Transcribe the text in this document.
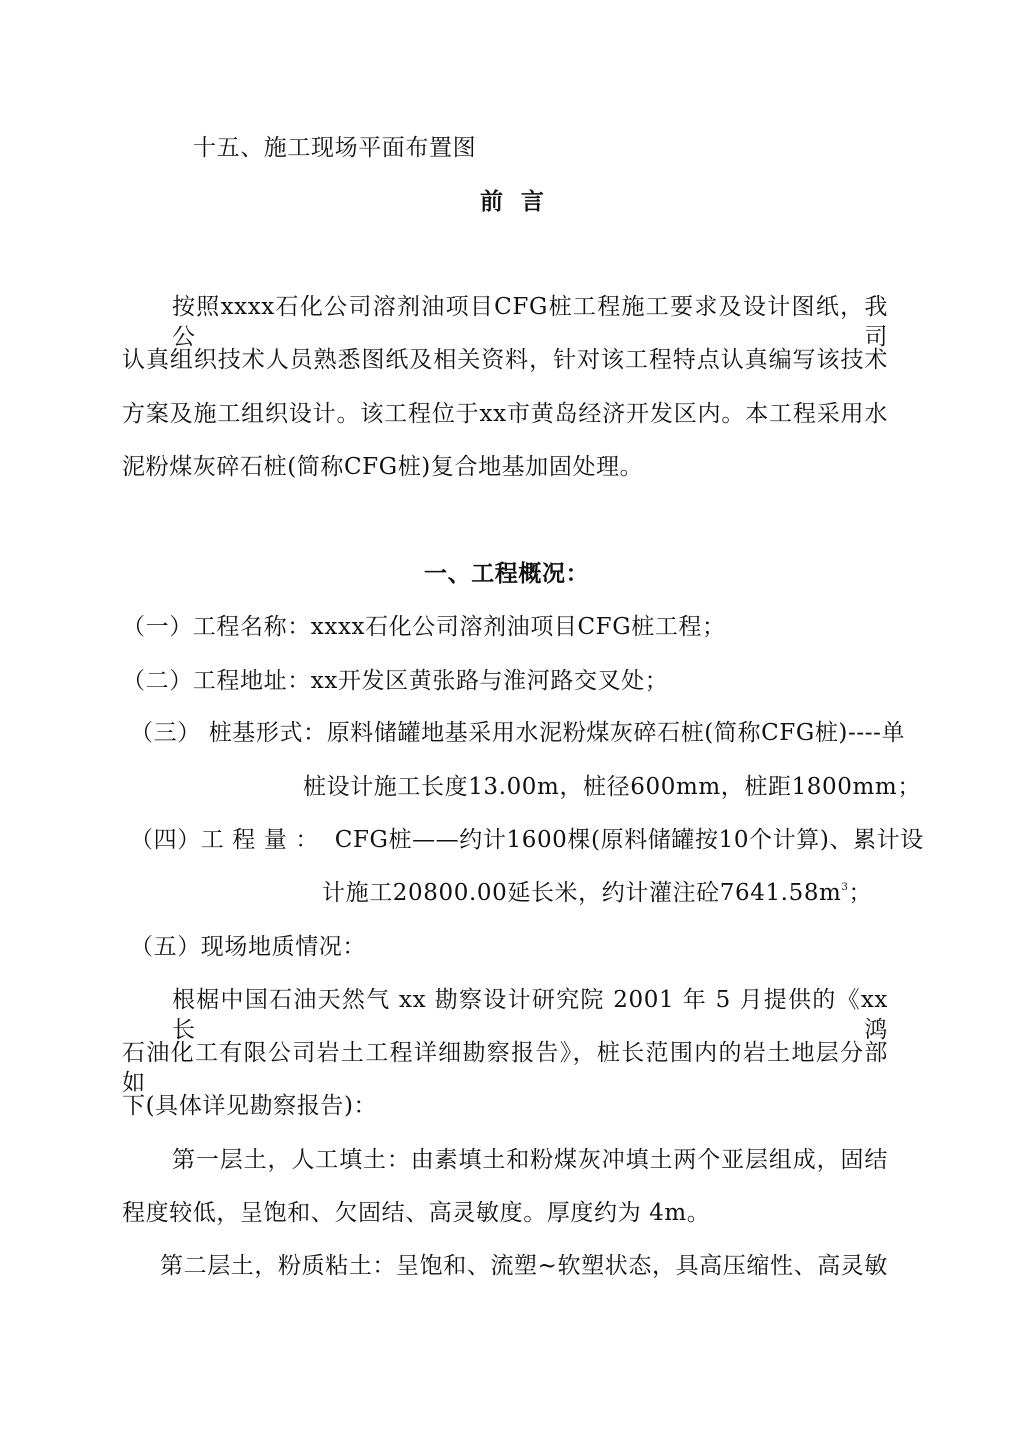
十五、施工现场平面布置图
前  言
按照xxxx石化公司溶剂油项目CFG桩工程施工要求及设计图纸，我公司
认真组织技术人员熟悉图纸及相关资料，针对该工程特点认真编写该技术
方案及施工组织设计。该工程位于xx市黄岛经济开发区内。本工程采用水
泥粉煤灰碎石桩(简称CFG桩)复合地基加固处理。
一、工程概况：
（一）工程名称：xxxx石化公司溶剂油项目CFG桩工程；
（二）工程地址：xx开发区黄张路与淮河路交叉处；
（三） 桩基形式：原料储罐地基采用水泥粉煤灰碎石桩(简称CFG桩)----单
桩设计施工长度13.00m，桩径600mm，桩距1800mm；
（四）工 程 量 ：  CFG桩——约计1600棵(原料储罐按10个计算)、累计设
计施工20800.00延长米，约计灌注砼$7641.58m^3$；
（五）现场地质情况：
根椐中国石油天然气 xx 勘察设计研究院 2001 年 5 月提供的《xx 长鸿
石油化工有限公司岩土工程详细勘察报告》，桩长范围内的岩土地层分部如
下(具体详见勘察报告)：
第一层土，人工填土：由素填土和粉煤灰冲填土两个亚层组成，固结
程度较低，呈饱和、欠固结、高灵敏度。厚度约为 4m。
第二层土，粉质粘土：呈饱和、流塑~软塑状态，具高压缩性、高灵敏
